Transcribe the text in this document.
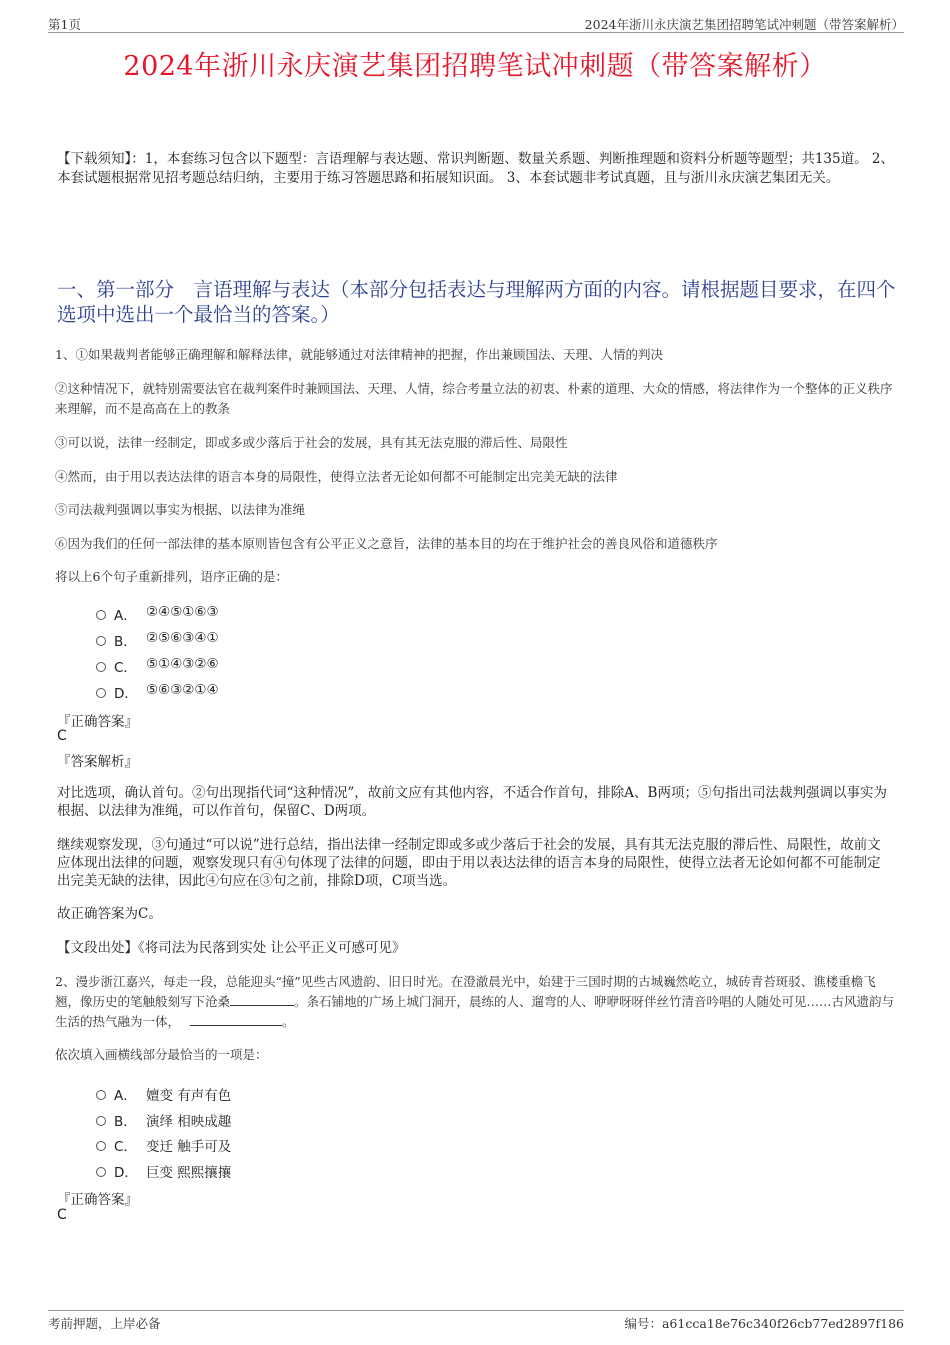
第1页	2024年浙川永庆演艺集团招聘笔试冲刺题（带答案解析）
2024年浙川永庆演艺集团招聘笔试冲刺题（带答案解析）
【下载须知】：1，本套练习包含以下题型：言语理解与表达题、常识判断题、数量关系题、判断推理题和资料分析题等题型；共135道。 2、本套试题根据常见招考题总结归纳，主要用于练习答题思路和拓展知识面。 3、本套试题非考试真题，且与浙川永庆演艺集团无关。
一、第一部分　言语理解与表达（本部分包括表达与理解两方面的内容。请根据题目要求，在四个选项中选出一个最恰当的答案。）
1、①如果裁判者能够正确理解和解释法律，就能够通过对法律精神的把握，作出兼顾国法、天理、人情的判决
②这种情况下，就特别需要法官在裁判案件时兼顾国法、天理、人情，综合考量立法的初衷、朴素的道理、大众的情感，将法律作为一个整体的正义秩序来理解，而不是高高在上的教条
③可以说，法律一经制定，即或多或少落后于社会的发展，具有其无法克服的滞后性、局限性
④然而，由于用以表达法律的语言本身的局限性，使得立法者无论如何都不可能制定出完美无缺的法律
⑤司法裁判强调以事实为根据、以法律为准绳
⑥因为我们的任何一部法律的基本原则皆包含有公平正义之意旨，法律的基本目的均在于维护社会的善良风俗和道德秩序
将以上6个句子重新排列，语序正确的是：
A． ②④⑤①⑥③
B． ②⑤⑥③④①
C． ⑤①④③②⑥
D． ⑤⑥③②①④
『正确答案』
C
『答案解析』
对比选项，确认首句。②句出现指代词“这种情况”，故前文应有其他内容，不适合作首句，排除A、B两项；⑤句指出司法裁判强调以事实为根据、以法律为准绳，可以作首句，保留C、D两项。
继续观察发现，③句通过“可以说”进行总结，指出法律一经制定即或多或少落后于社会的发展，具有其无法克服的滞后性、局限性，故前文应体现出法律的问题，观察发现只有④句体现了法律的问题，即由于用以表达法律的语言本身的局限性，使得立法者无论如何都不可能制定出完美无缺的法律，因此④句应在③句之前，排除D项，C项当选。
故正确答案为C。
【文段出处】《将司法为民落到实处 让公平正义可感可见》
2、漫步浙江嘉兴，每走一段，总能迎头“撞”见些古风遗韵、旧日时光。在澄澈晨光中，始建于三国时期的古城巍然屹立，城砖青苔斑驳、谯楼重檐飞翘，像历史的笔触般刻写下沧桑	。条石铺地的广场上城门洞开，晨练的人、遛弯的人、咿咿呀呀伴丝竹清音吟唱的人随处可见……古风遗韵与生活的热气融为一体，	。
依次填入画横线部分最恰当的一项是：
A． 嬗变 有声有色
B． 演绎 相映成趣
C． 变迁 触手可及
D． 巨变 熙熙攘攘
『正确答案』
C
考前押题，上岸必备	编号：a61cca18e76c340f26cb77ed2897f186
